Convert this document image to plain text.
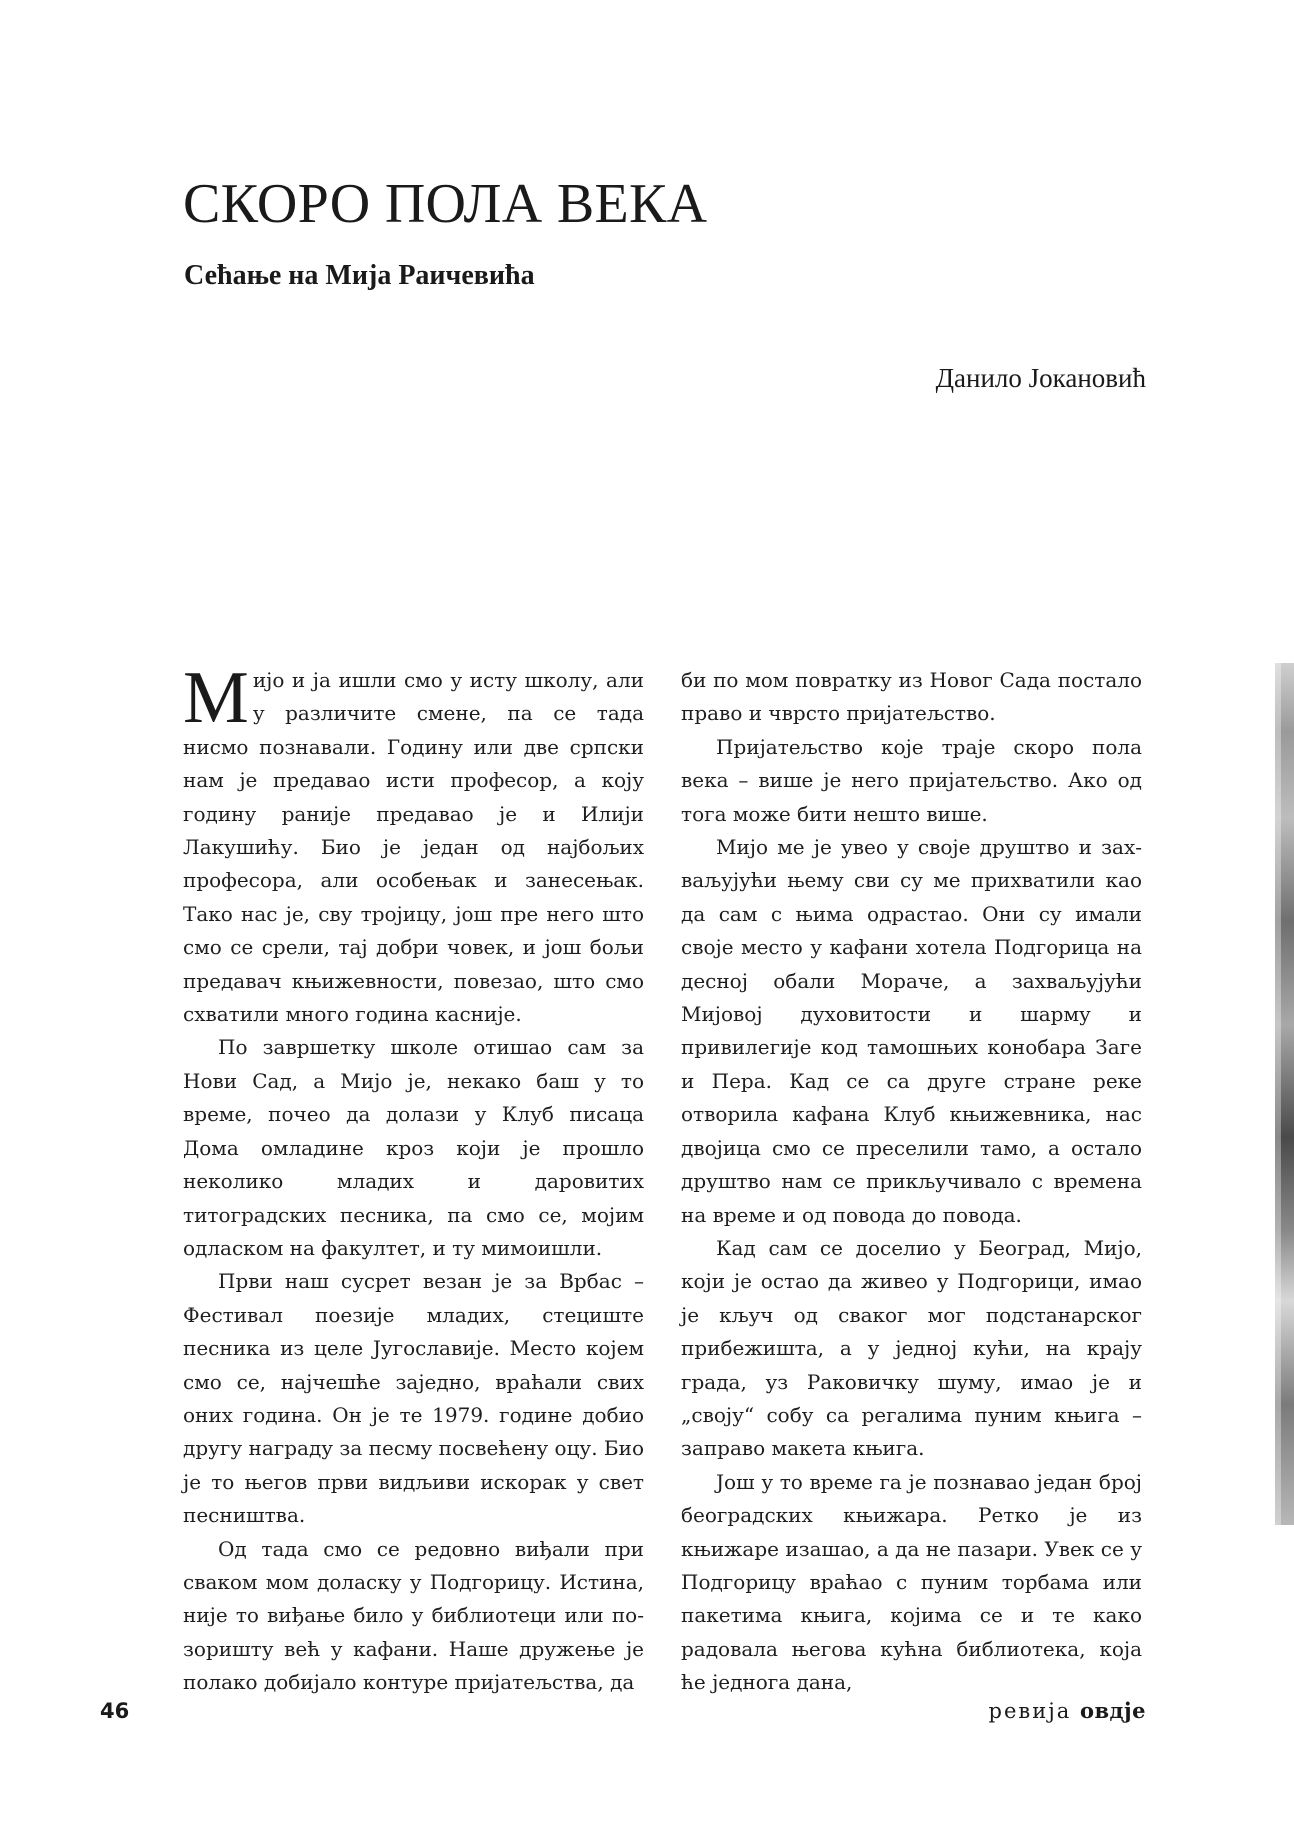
СКОРО ПОЛА ВЕКА
Сећање на Мија Раичевића

Данило Јокановић

Мијо и ја ишли смо у исту школу, али у различите смене, па се тада нисмо познавали. Годину или две српски нам је предавао исти професор, а коју годину раније предавао је и Илији Лакушићу. Био је један од најбољих професора, али особењак и занесењак. Тако нас је, сву тројицу, још пре него што смо се срели, тај добри човек, и још бољи предавач књижевности, повезао, што смо схватили много година касније.

По завршетку школе отишао сам за Нови Сад, а Мијо је, некако баш у то време, почео да долази у Клуб писаца Дома омладине кроз који је прошло неколико младих и даровитих титоградских песника, па смо се, мојим одласком на факултет, и ту мимоишли.

Први наш сусрет везан је за Врбас – Фестивал поезије младих, стециште песника из целе Југославије. Место којем смо се, најчешће заједно, враћали свих оних година. Он је те 1979. године добио другу награду за песму посвећену оцу. Био је то његов први видљиви искорак у свет песништва.

Од тада смо се редовно виђали при сваком мом доласку у Подгорицу. Истина, није то виђање било у библиотеци или позоришту већ у кафани. Наше дружење је полако добијало контуре пријатељства, да

би по мом повратку из Новог Сада постало право и чврсто пријатељство.

Пријатељство које траје скоро пола века – више је него пријатељство. Ако од тога може бити нешто више.

Мијо ме је увео у своје друштво и захваљујући њему сви су ме прихватили као да сам с њима одрастао. Они су имали своје место у кафани хотела Подгорица на десној обали Мораче, а захваљујући Мијовој духовитости и шарму и привилегије код тамошњих конобара Заге и Пера. Кад се са друге стране реке отворила кафана Клуб књижевника, нас двојица смо се преселили тамо, а остало друштво нам се прикључивало с времена на време и од повода до повода.

Кад сам се доселио у Београд, Мијо, који је остао да живео у Подгорици, имао је кључ од сваког мог подстанарског прибежишта, а у једној кући, на крају града, уз Раковичку шуму, имао је и „своју“ собу са регалима пуним књига – заправо макета књига.

Још у то време га је познавао један број београдских књижара. Ретко је из књижаре изашао, а да не пазари. Увек се у Подгорицу враћао с пуним торбама или пакетима књига, којима се и те како радовала његова кућна библиотека, која ће једнога дана,

46	ревија овдје
